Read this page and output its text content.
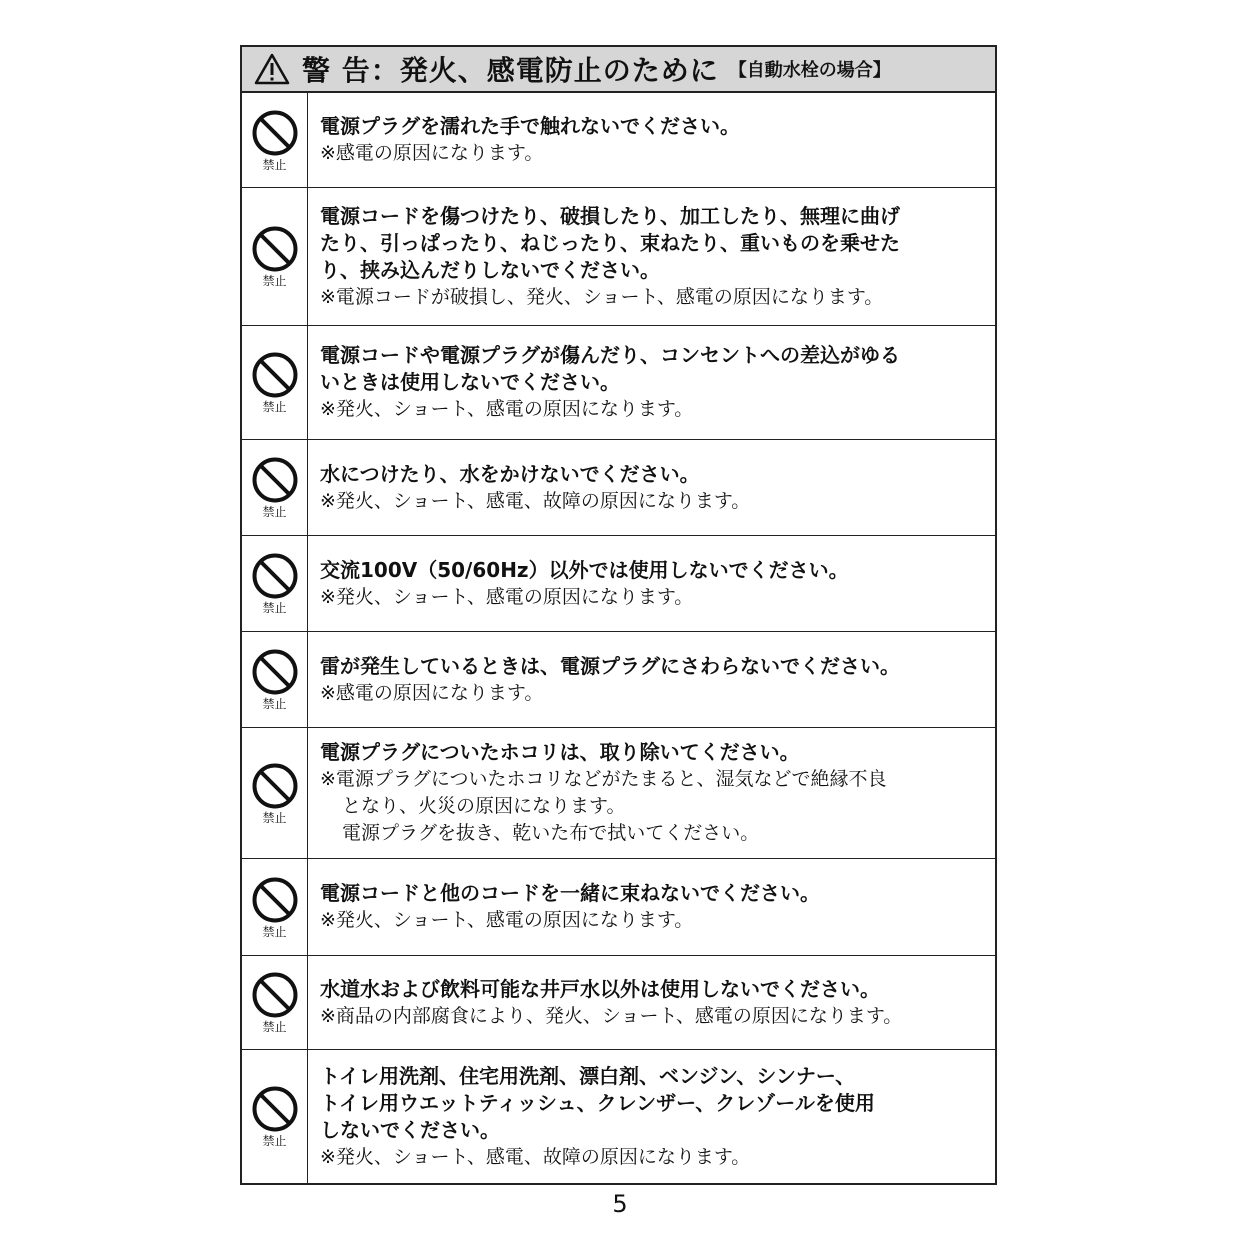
警 告：発火、感電防止のために 【自動水栓の場合】
禁止

電源プラグを濡れた手で触れないでください。

※感電の原因になります。

禁止

電源コードを傷つけたり、破損したり、加工したり、無理に曲げ

たり、引っぱったり、ねじったり、束ねたり、重いものを乗せた

り、挟み込んだりしないでください。

※電源コードが破損し、発火、ショート、感電の原因になります。

禁止

電源コードや電源プラグが傷んだり、コンセントへの差込がゆる

いときは使用しないでください。

※発火、ショート、感電の原因になります。

禁止

水につけたり、水をかけないでください。

※発火、ショート、感電、故障の原因になります。

禁止

交流100V（50/60Hz）以外では使用しないでください。

※発火、ショート、感電の原因になります。

禁止

雷が発生しているときは、電源プラグにさわらないでください。

※感電の原因になります。

禁止

電源プラグについたホコリは、取り除いてください。

※電源プラグについたホコリなどがたまると、湿気などで絶縁不良

となり、火災の原因になります。

電源プラグを抜き、乾いた布で拭いてください。

禁止

電源コードと他のコードを一緒に束ねないでください。

※発火、ショート、感電の原因になります。

禁止

水道水および飲料可能な井戸水以外は使用しないでください。

※商品の内部腐食により、発火、ショート、感電の原因になります。

禁止

トイレ用洗剤、住宅用洗剤、漂白剤、ベンジン、シンナー、

トイレ用ウエットティッシュ、クレンザー、クレゾールを使用

しないでください。

※発火、ショート、感電、故障の原因になります。

5
